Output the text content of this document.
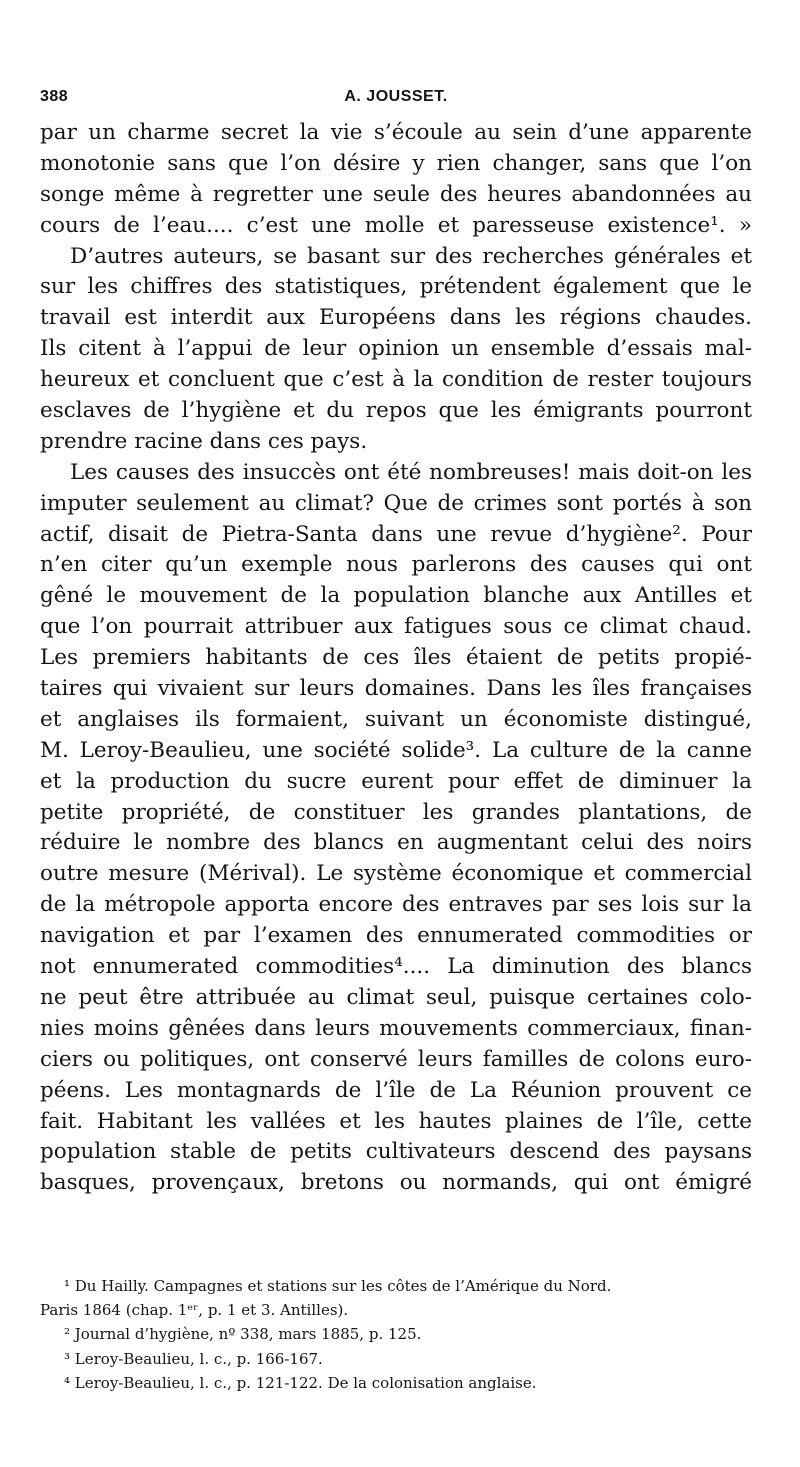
388	A. JOUSSET.
par un charme secret la vie s’écoule au sein d’une apparente
monotonie sans que l’on désire y rien changer, sans que l’on
songe même à regretter une seule des heures abandonnées au
cours de l’eau.... c’est une molle et paresseuse existence¹. »
D’autres auteurs, se basant sur des recherches générales et
sur les chiffres des statistiques, prétendent également que le
travail est interdit aux Européens dans les régions chaudes.
Ils citent à l’appui de leur opinion un ensemble d’essais mal-
heureux et concluent que c’est à la condition de rester toujours
esclaves de l’hygiène et du repos que les émigrants pourront
prendre racine dans ces pays.
Les causes des insuccès ont été nombreuses! mais doit-on les
imputer seulement au climat? Que de crimes sont portés à son
actif, disait de Pietra-Santa dans une revue d’hygiène². Pour
n’en citer qu’un exemple nous parlerons des causes qui ont
gêné le mouvement de la population blanche aux Antilles et
que l’on pourrait attribuer aux fatigues sous ce climat chaud.
Les premiers habitants de ces îles étaient de petits propié-
taires qui vivaient sur leurs domaines. Dans les îles françaises
et anglaises ils formaient, suivant un économiste distingué,
M. Leroy-Beaulieu, une société solide³. La culture de la canne
et la production du sucre eurent pour effet de diminuer la
petite propriété, de constituer les grandes plantations, de
réduire le nombre des blancs en augmentant celui des noirs
outre mesure (Mérival). Le système économique et commercial
de la métropole apporta encore des entraves par ses lois sur la
navigation et par l’examen des ennumerated commodities or
not ennumerated commodities⁴.... La diminution des blancs
ne peut être attribuée au climat seul, puisque certaines colo-
nies moins gênées dans leurs mouvements commerciaux, finan-
ciers ou politiques, ont conservé leurs familles de colons euro-
péens. Les montagnards de l’île de La Réunion prouvent ce
fait. Habitant les vallées et les hautes plaines de l’île, cette
population stable de petits cultivateurs descend des paysans
basques, provençaux, bretons ou normands, qui ont émigré
¹ Du Hailly. Campagnes et stations sur les côtes de l’Amérique du Nord.
Paris 1864 (chap. 1ᵉʳ, p. 1 et 3. Antilles).
² Journal d’hygiène, nº 338, mars 1885, p. 125.
³ Leroy-Beaulieu, l. c., p. 166-167.
⁴ Leroy-Beaulieu, l. c., p. 121-122. De la colonisation anglaise.
